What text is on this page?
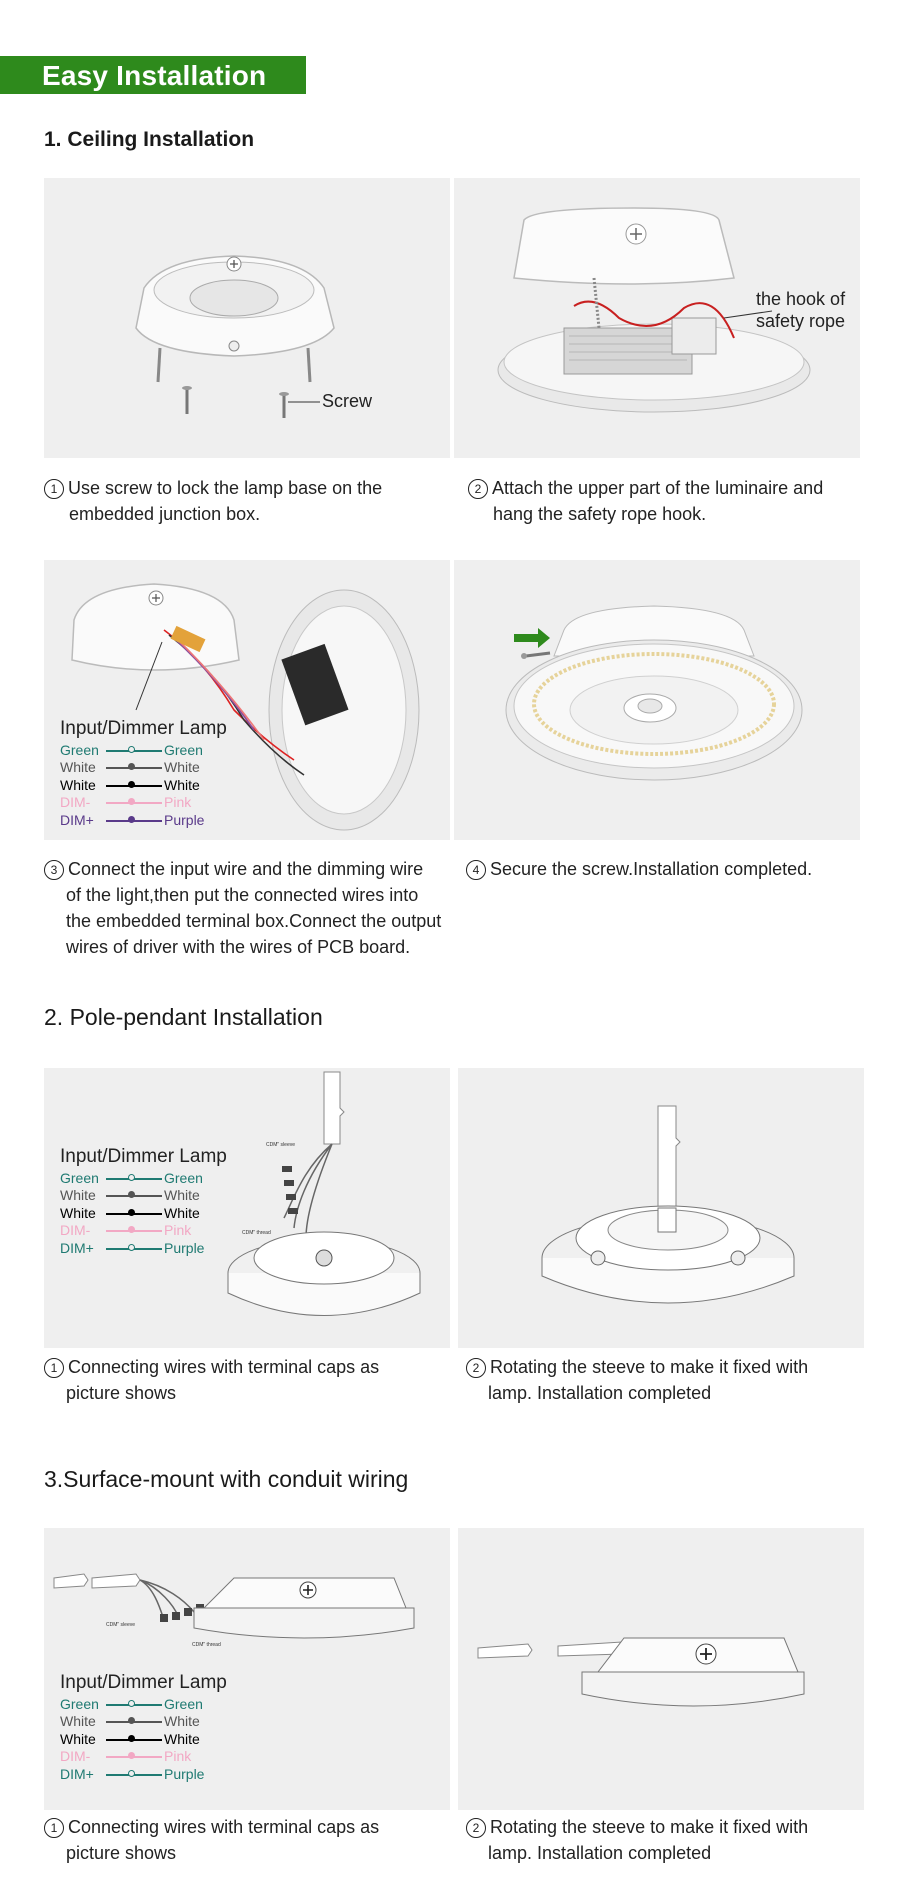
Easy Installation
1. Ceiling Installation
Screw
the hook of
safety rope
1 Use screw to lock the lamp base on the
embedded junction box.
2 Attach the upper part of the luminaire and
hang the safety rope hook.
Input/Dimmer Lamp
Green	Green
White	White
White	White
DIM-	Pink
DIM+	Purple
3 Connect the input wire and the dimming wire
of the light,then put the connected wires into
the embedded terminal box.Connect the output
wires of driver with the wires of PCB board.
4 Secure the screw.Installation completed.
2. Pole-pendant Installation
CDM" sleeve
CDM" thread
Input/Dimmer Lamp
Green	Green
White	White
White	White
DIM-	Pink
DIM+	Purple
1 Connecting wires with terminal caps as
picture shows
2 Rotating the steeve to make it fixed with
lamp. Installation completed
3.Surface-mount with conduit wiring
CDM" sleeve
CDM" thread
Input/Dimmer Lamp
Green	Green
White	White
White	White
DIM-	Pink
DIM+	Purple
1 Connecting wires with terminal caps as
picture shows
2 Rotating the steeve to make it fixed with
lamp. Installation completed
